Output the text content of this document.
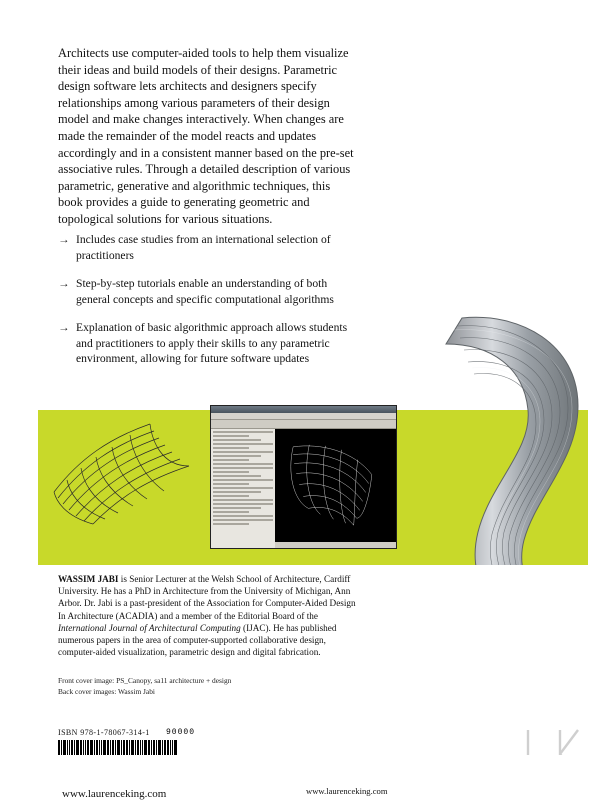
Architects use computer-aided tools to help them visualize their ideas and build models of their designs. Parametric design software lets architects and designers specify relationships among various parameters of their design model and make changes interactively. When changes are made the remainder of the model reacts and updates accordingly and in a consistent manner based on the pre-set associative rules. Through a detailed description of various parametric, generative and algorithmic techniques, this book provides a guide to generating geometric and topological solutions for various situations.
→ Includes case studies from an international selection of practitioners
→ Step-by-step tutorials enable an understanding of both general concepts and specific computational algorithms
→ Explanation of basic algorithmic approach allows students and practitioners to apply their skills to any parametric environment, allowing for future software updates
WASSIM JABI is Senior Lecturer at the Welsh School of Architecture, Cardiff University. He has a PhD in Architecture from the University of Michigan, Ann Arbor. Dr. Jabi is a past-president of the Association for Computer-Aided Design In Architecture (ACADIA) and a member of the Editorial Board of the International Journal of Architectural Computing (IJAC). He has published numerous papers in the area of computer-supported collaborative design, computer-aided visualization, parametric design and digital fabrication.
Front cover image: PS_Canopy, sa11 architecture + design
Back cover images: Wassim Jabi
ISBN 978-1-78067-314-1 90000
www.laurenceking.com	www.laurenceking.com
